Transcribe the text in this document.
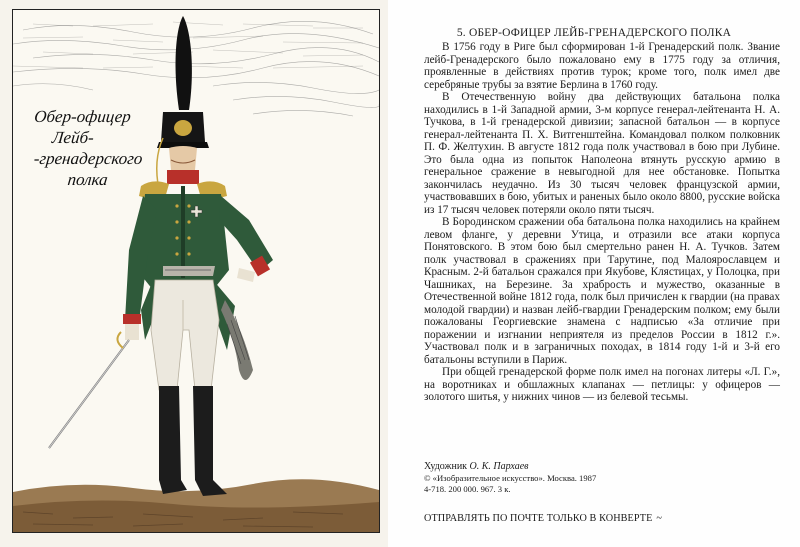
Обер-офицер
Лейб-
-гренадерского
полка
5. ОБЕР-ОФИЦЕР ЛЕЙБ-ГРЕНАДЕРСКОГО ПОЛКА

В 1756 году в Риге был сформирован 1-й Гренадерский полк. Звание лейб-Гренадерского было пожаловано ему в 1775 году за отличия, проявленные в действиях против турок; кроме того, полк имел две серебряные трубы за взятие Берлина в 1760 году.

В Отечественную войну два действующих батальона полка находились в 1-й Западной армии, 3-м корпусе генерал-лейтенанта Н. А. Тучкова, в 1-й гренадерской дивизии; запасной батальон — в корпусе генерал-лейтенанта П. Х. Витгенштейна. Командовал полком полковник П. Ф. Желтухин. В августе 1812 года полк участвовал в бою при Лубине. Это была одна из попыток Наполеона втянуть русскую армию в генеральное сражение в невыгодной для нее обстановке. Попытка закончилась неудачно. Из 30 тысяч человек французской армии, участвовавших в бою, убитых и раненых было около 8800, русские войска из 17 тысяч человек потеряли около пяти тысяч.

В Бородинском сражении оба батальона полка находились на крайнем левом фланге, у деревни Утица, и отразили все атаки корпуса Понятовского. В этом бою был смертельно ранен Н. А. Тучков. Затем полк участвовал в сражениях при Тарутине, под Малоярославцем и Красным. 2-й батальон сражался при Якубове, Клястицах, у Полоцка, при Чашниках, на Березине. За храбрость и мужество, оказанные в Отечественной войне 1812 года, полк был причислен к гвардии (на правах молодой гвардии) и назван лейб-гвардии Гренадерским полком; ему были пожалованы Георгиевские знамена с надписью «За отличие при поражении и изгнании неприятеля из пределов России в 1812 г.». Участвовал полк и в заграничных походах, в 1814 году 1-й и 3-й его батальоны вступили в Париж.

При общей гренадерской форме полк имел на погонах литеры «Л. Г.», на воротниках и обшлажных клапанах — петлицы: у офицеров — золотого шитья, у нижних чинов — из белевой тесьмы.

Художник О. К. Пархаев
© «Изобразительное искусство». Москва. 1987
4-718. 200 000. 967. 3 к.
ОТПРАВЛЯТЬ ПО ПОЧТЕ ТОЛЬКО В КОНВЕРТЕ ~
